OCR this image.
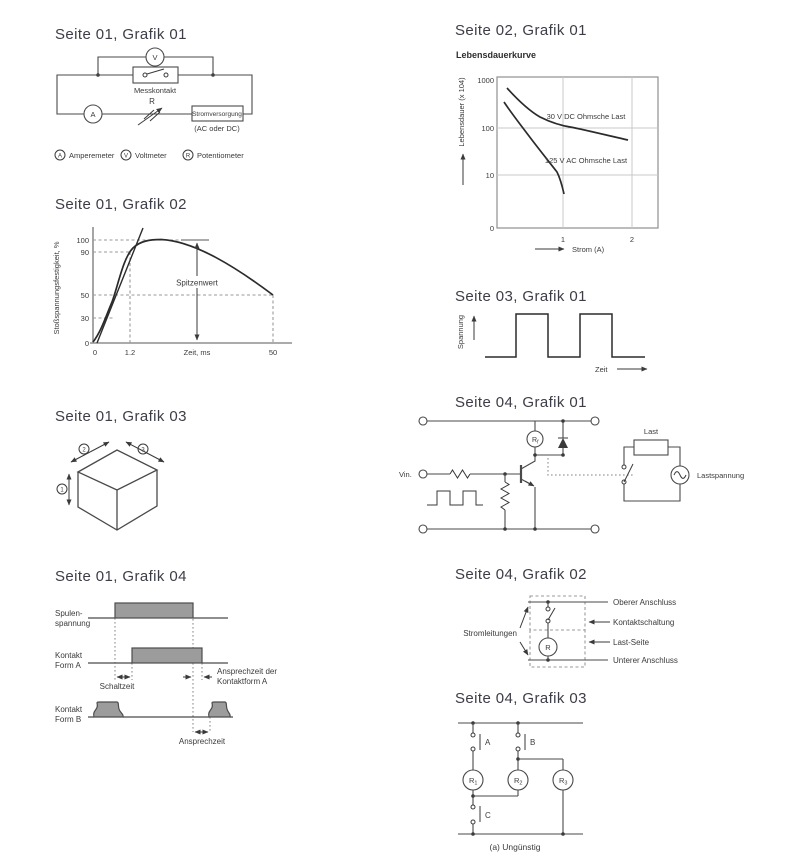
Seite 01, Grafik 01
V
Messkontakt
A
R
Stromversorgung
(AC oder DC)
A Amperemeter V Voltmeter	R Potentiometer
Seite 01, Grafik 02
Stoßspannungsfestigkeit, %	Spitzenwert
100
90
50
30
0
0	1.2	50
Zeit, ms
Seite 01, Grafik 03
2	3
1
Seite 01, Grafik 04
Spulen-
spannung
Kontakt
Form A
Schaltzeit
Ansprechzeit der
Kontaktform A
Kontakt
Form B
Ansprechzeit
Seite 02, Grafik 01
Lebensdauerkurve
30 V DC Ohmsche Last
125 V AC Ohmsche Last
1000
100
10
0
1	2
Lebensdauer (x 104)
Strom (A)
Seite 03, Grafik 01
Spannung
Zeit
Seite 04, Grafik 01
Vin.
$R_f$
Last
Lastspannung
Seite 04, Grafik 02
R
Stromleitungen
Oberer Anschluss
Kontaktschaltung
Last-Seite
Unterer Anschluss
Seite 04, Grafik 03
A
$R_1$
C
B
$R_2$	$R_3$
(a) Ungünstig
